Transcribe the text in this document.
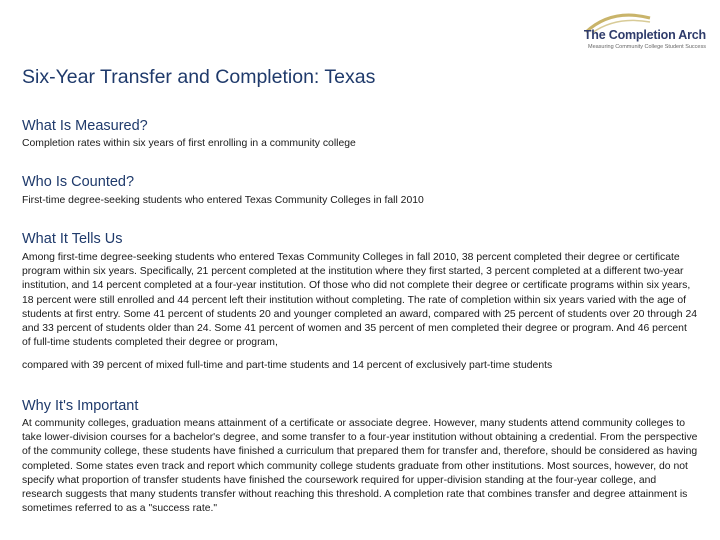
The Completion Arch
Measuring Community College Student Success
Six-Year Transfer and Completion: Texas
What Is Measured?

Completion rates within six years of first enrolling in a community college

Who Is Counted?

First-time degree-seeking students who entered Texas Community Colleges in fall 2010

What It Tells Us

Among first-time degree-seeking students who entered Texas Community Colleges in fall 2010, 38 percent completed their degree or certificate program within six years. Specifically, 21 percent completed at the institution where they first started, 3 percent completed at a different two-year institution, and 14 percent completed at a four-year institution. Of those who did not complete their degree or certificate programs within six years, 18 percent were still enrolled and 44 percent left their institution without completing. The rate of completion within six years varied with the age of students at first entry. Some 41 percent of students 20 and younger completed an award, compared with 25 percent of students over 20 through 24 and 33 percent of students older than 24. Some 41 percent of women and 35 percent of men completed their degree or program. And 46 percent of full-time students completed their degree or program,

compared with 39 percent of mixed full-time and part-time students and 14 percent of exclusively part-time students

Why It's Important

At community colleges, graduation means attainment of a certificate or associate degree. However, many students attend community colleges to take lower-division courses for a bachelor's degree, and some transfer to a four-year institution without obtaining a credential. From the perspective of the community college, these students have finished a curriculum that prepared them for transfer and, therefore, should be considered as having completed. Some states even track and report which community college students graduate from other institutions. Most sources, however, do not specify what proportion of transfer students have finished the coursework required for upper-division standing at the four-year college, and research suggests that many students transfer without reaching this threshold. A completion rate that combines transfer and degree attainment is sometimes referred to as a "success rate."
